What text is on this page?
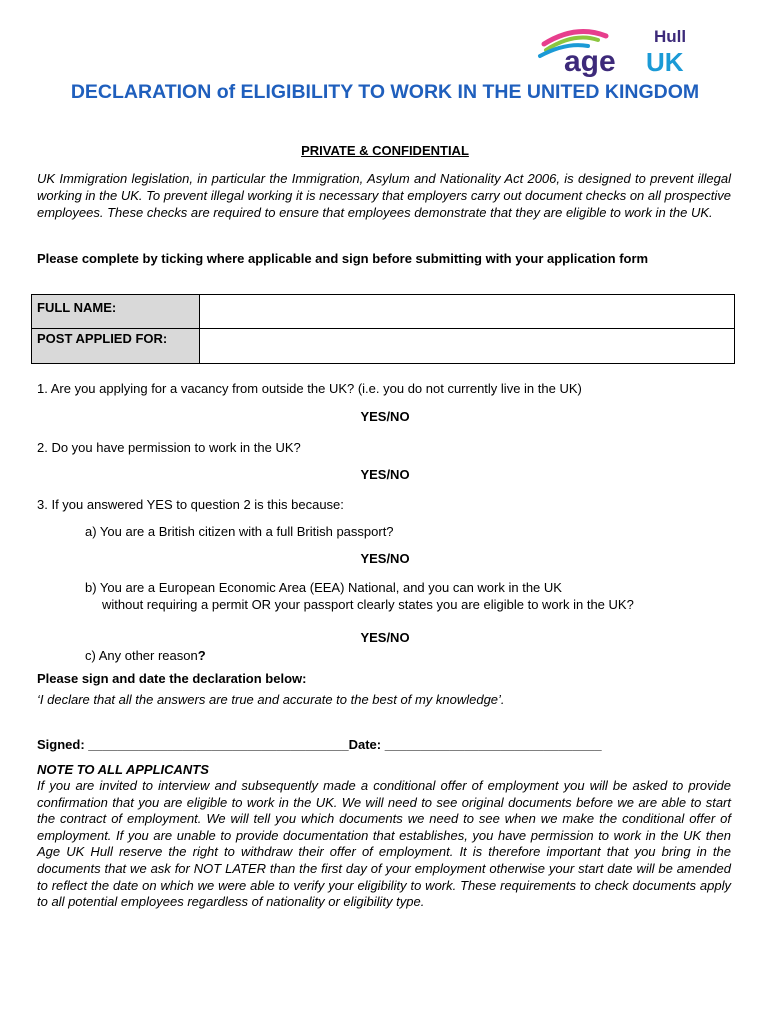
Hull
age UK
DECLARATION of ELIGIBILITY TO WORK IN THE UNITED KINGDOM
PRIVATE & CONFIDENTIAL
UK Immigration legislation, in particular the Immigration, Asylum and Nationality Act 2006, is designed to prevent illegal working in the UK. To prevent illegal working it is necessary that employers carry out document checks on all prospective employees. These checks are required to ensure that employees demonstrate that they are eligible to work in the UK.
Please complete by ticking where applicable and sign before submitting with your application form
FULL NAME:	
POST APPLIED FOR:	
1. Are you applying for a vacancy from outside the UK? (i.e. you do not currently live in the UK)
YES/NO
2. Do you have permission to work in the UK?
YES/NO
3. If you answered YES to question 2 is this because:
a) You are a British citizen with a full British passport?
YES/NO
b) You are a European Economic Area (EEA) National, and you can work in the UK
without requiring a permit OR your passport clearly states you are eligible to work in the UK?
YES/NO
c) Any other reason?
Please sign and date the declaration below:
‘I declare that all the answers are true and accurate to the best of my knowledge’.
Signed: ____________________________________Date: ______________________________
NOTE TO ALL APPLICANTS
If you are invited to interview and subsequently made a conditional offer of employment you will be asked to provide confirmation that you are eligible to work in the UK. We will need to see original documents before we are able to start the contract of employment. We will tell you which documents we need to see when we make the conditional offer of employment. If you are unable to provide documentation that establishes, you have permission to work in the UK then Age UK Hull reserve the right to withdraw their offer of employment. It is therefore important that you bring in the documents that we ask for NOT LATER than the first day of your employment otherwise your start date will be amended to reflect the date on which we were able to verify your eligibility to work. These requirements to check documents apply to all potential employees regardless of nationality or eligibility type.
